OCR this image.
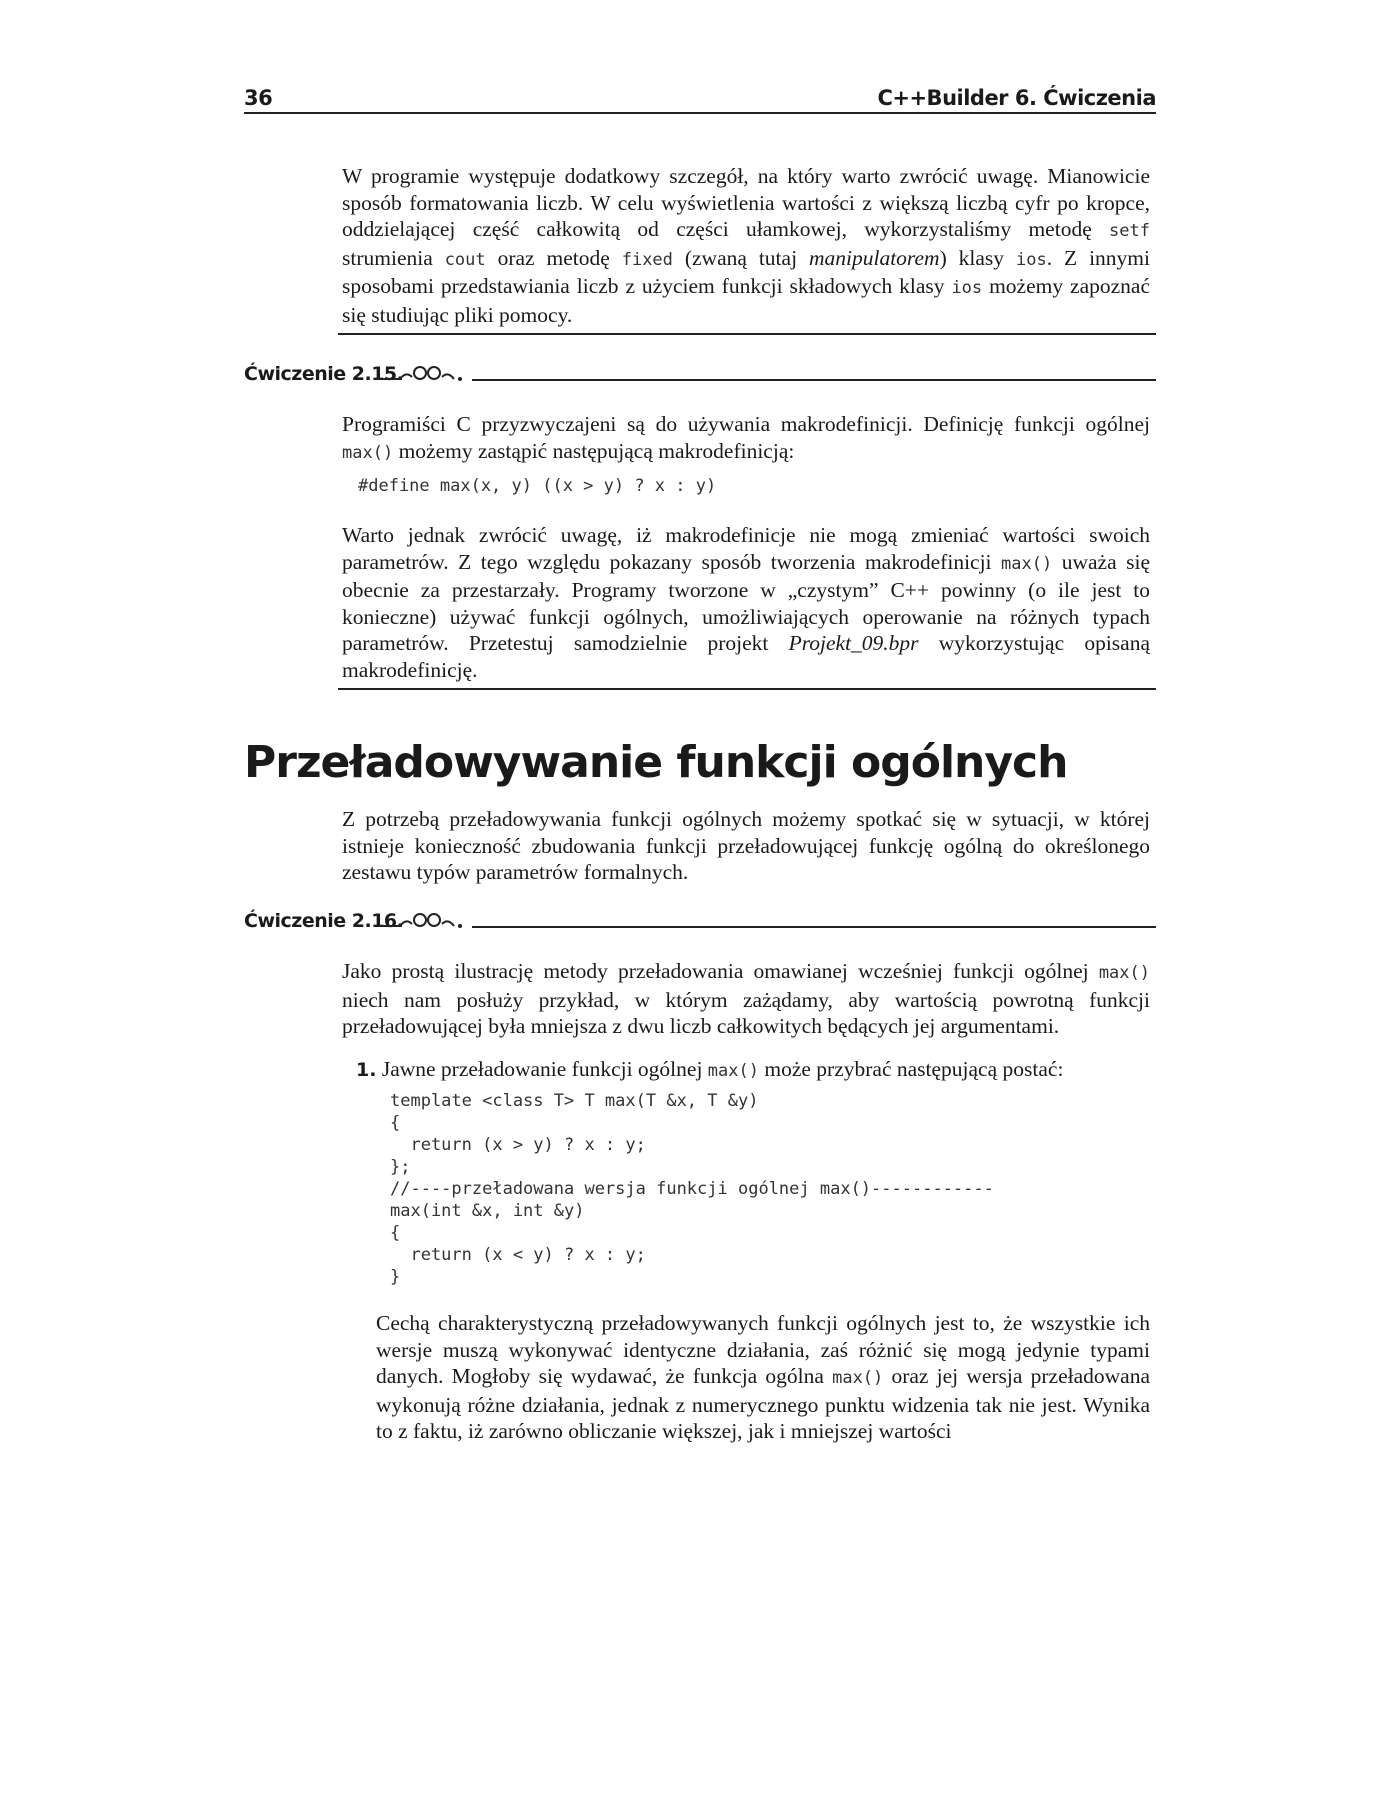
36	C++Builder 6. Ćwiczenia

W programie występuje dodatkowy szczegół, na który warto zwrócić uwagę. Mianowicie sposób formatowania liczb. W celu wyświetlenia wartości z większą liczbą cyfr po kropce, oddzielającej część całkowitą od części ułamkowej, wykorzystaliśmy metodę setf strumienia cout oraz metodę fixed (zwaną tutaj manipulatorem) klasy ios. Z innymi sposobami przedstawiania liczb z użyciem funkcji składowych klasy ios możemy zapoznać się studiując pliki pomocy.

Ćwiczenie 2.15.

Programiści C przyzwyczajeni są do używania makrodefinicji. Definicję funkcji ogólnej max() możemy zastąpić następującą makrodefinicją:

#define max(x, y) ((x > y) ? x : y)

Warto jednak zwrócić uwagę, iż makrodefinicje nie mogą zmieniać wartości swoich parametrów. Z tego względu pokazany sposób tworzenia makrodefinicji max() uważa się obecnie za przestarzały. Programy tworzone w „czystym” C++ powinny (o ile jest to konieczne) używać funkcji ogólnych, umożliwiających operowanie na różnych typach parametrów. Przetestuj samodzielnie projekt Projekt_09.bpr wykorzystując opisaną makrodefinicję.

Przeładowywanie funkcji ogólnych

Z potrzebą przeładowywania funkcji ogólnych możemy spotkać się w sytuacji, w której istnieje konieczność zbudowania funkcji przeładowującej funkcję ogólną do określonego zestawu typów parametrów formalnych.

Ćwiczenie 2.16.

Jako prostą ilustrację metody przeładowania omawianej wcześniej funkcji ogólnej max() niech nam posłuży przykład, w którym zażądamy, aby wartością powrotną funkcji przeładowującej była mniejsza z dwu liczb całkowitych będących jej argumentami.

1. Jawne przeładowanie funkcji ogólnej max() może przybrać następującą postać:

template <class T> T max(T &x, T &y)
{
return (x > y) ? x : y;
};
//----przeładowana wersja funkcji ogólnej max()------------
max(int &x, int &y)
{
return (x < y) ? x : y;
}

Cechą charakterystyczną przeładowywanych funkcji ogólnych jest to, że wszystkie ich wersje muszą wykonywać identyczne działania, zaś różnić się mogą jedynie typami danych. Mogłoby się wydawać, że funkcja ogólna max() oraz jej wersja przeładowana wykonują różne działania, jednak z numerycznego punktu widzenia tak nie jest. Wynika to z faktu, iż zarówno obliczanie większej, jak i mniejszej wartości
